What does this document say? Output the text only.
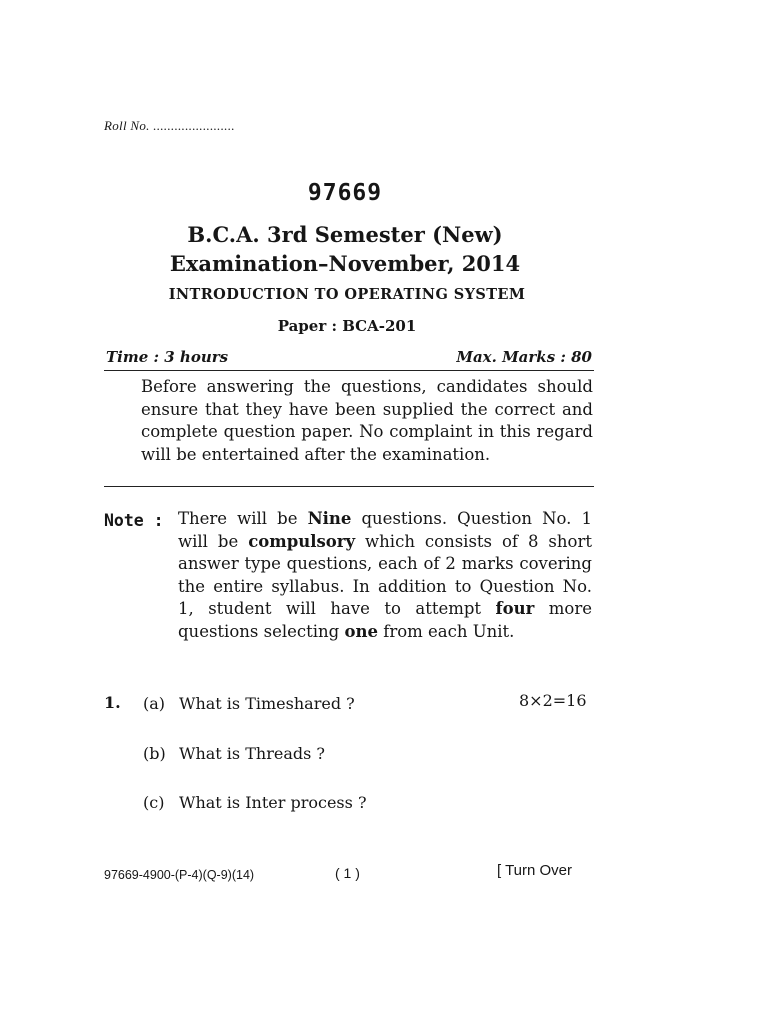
Roll No. .......................
97669
B.C.A. 3rd Semester (New)
Examination–November, 2014
INTRODUCTION TO OPERATING SYSTEM
Paper : BCA-201
Time : 3 hours	Max. Marks : 80
Before answering the questions, candidates should ensure that they have been supplied the correct and complete question paper. No complaint in this regard will be entertained after the examination.
Note : There will be Nine questions. Question No. 1 will be compulsory which consists of 8 short answer type questions, each of 2 marks covering the entire syllabus. In addition to Question No. 1, student will have to attempt four more questions selecting one from each Unit.
1.	8×2=16
(a) What is Timeshared ?
(b) What is Threads ?
(c) What is Inter process ?
97669-4900-(P-4)(Q-9)(14)	( 1 )	[ Turn Over
